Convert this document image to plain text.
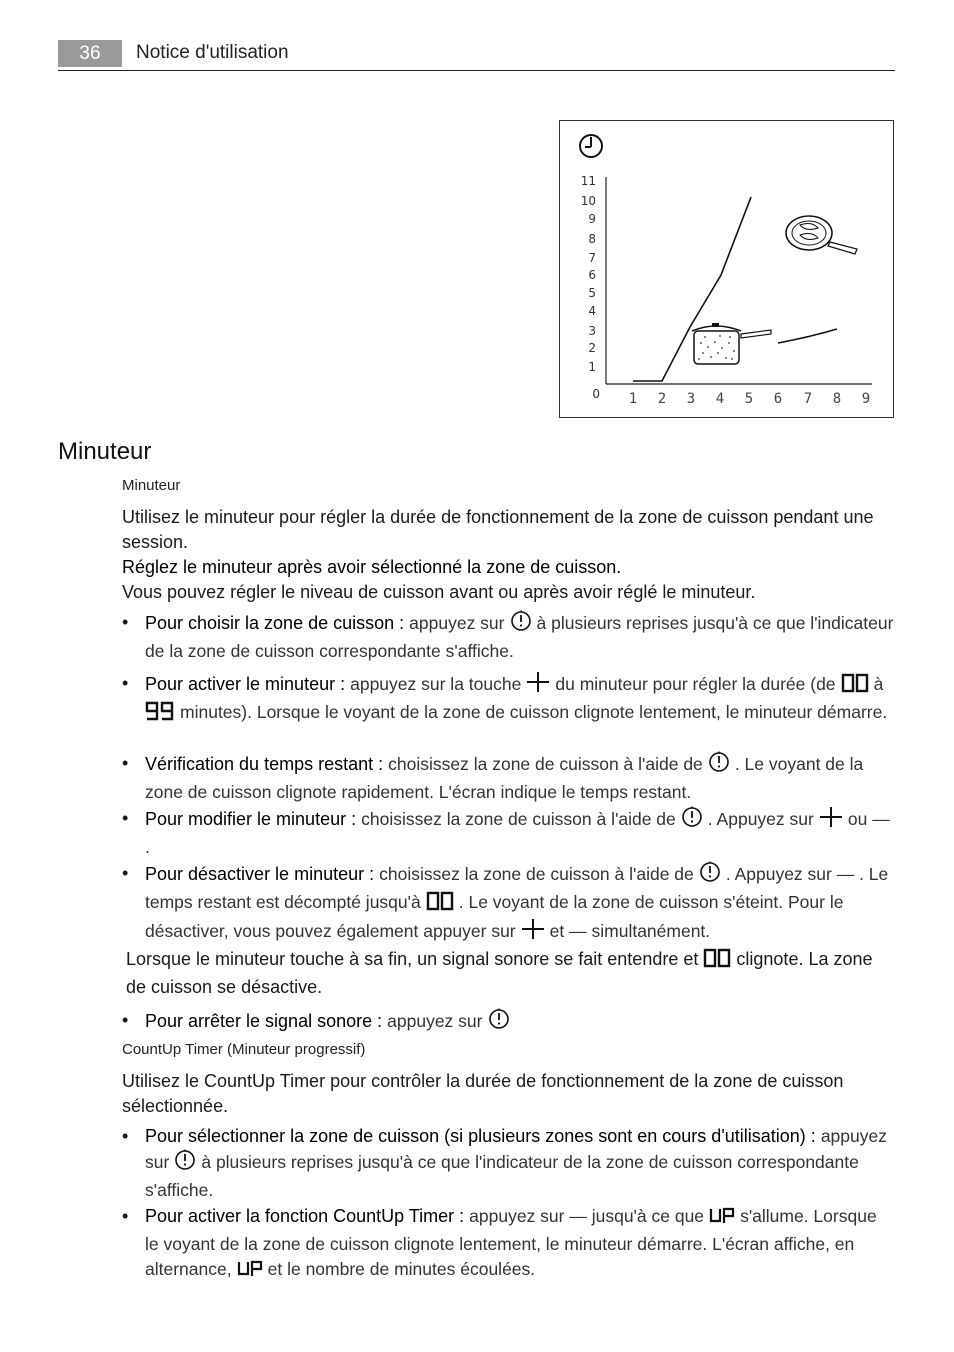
36	Notice d'utilisation
11
10
9
8
7
6
5
4
3
2
1
0 1 2 3 4 5 6 7 8 9
Minuteur

Minuteur

Utilisez le minuteur pour régler la durée de fonctionnement de la zone de cuisson pendant une session.

Réglez le minuteur après avoir sélectionné la zone de cuisson.

Vous pouvez régler le niveau de cuisson avant ou après avoir réglé le minuteur.

• Pour choisir la zone de cuisson : appuyez sur à plusieurs reprises jusqu'à ce que l'indicateur de la zone de cuisson correspondante s'affiche.

• Pour activer le minuteur : appuyez sur la touche du minuteur pour régler la durée (de à  minutes). Lorsque le voyant de la zone de cuisson clignote lentement, le minuteur démarre.

• Vérification du temps restant : choisissez la zone de cuisson à l'aide de . Le voyant de la zone de cuisson clignote rapidement. L'écran indique le temps restant.

• Pour modifier le minuteur : choisissez la zone de cuisson à l'aide de . Appuyez sur ou — .

• Pour désactiver le minuteur : choisissez la zone de cuisson à l'aide de . Appuyez sur — . Le temps restant est décompté jusqu'à . Le voyant de la zone de cuisson s'éteint. Pour le désactiver, vous pouvez également appuyer sur et — simultanément.

Lorsque le minuteur touche à sa fin, un signal sonore se fait entendre et clignote. La zone de cuisson se désactive.

• Pour arrêter le signal sonore : appuyez sur

CountUp Timer (Minuteur progressif)

Utilisez le CountUp Timer pour contrôler la durée de fonctionnement de la zone de cuisson sélectionnée.

• Pour sélectionner la zone de cuisson (si plusieurs zones sont en cours d'utilisation) : appuyez sur à plusieurs reprises jusqu'à ce que l'indicateur de la zone de cuisson correspondante s'affiche.

• Pour activer la fonction CountUp Timer : appuyez sur — jusqu'à ce que s'allume. Lorsque le voyant de la zone de cuisson clignote lentement, le minuteur démarre. L'écran affiche, en alternance, et le nombre de minutes écoulées.
